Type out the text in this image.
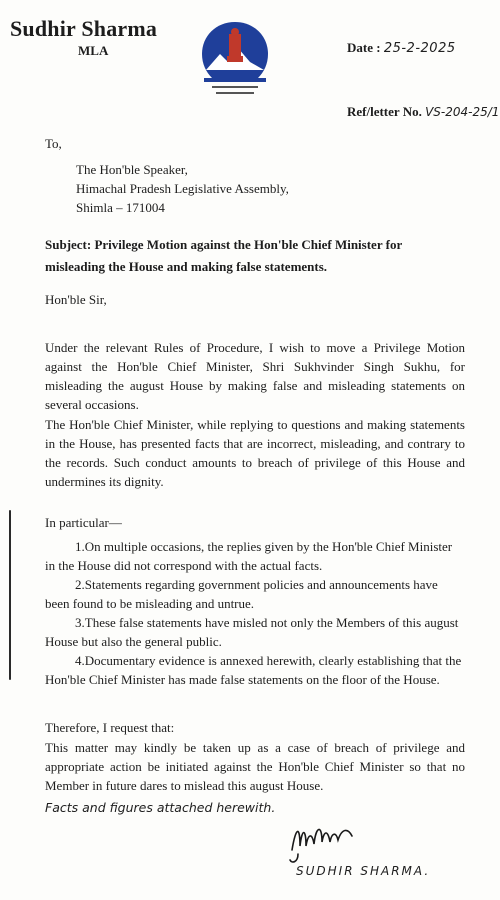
Sudhir Sharma
MLA	Date : 25-2-2025
Ref/letter No. VS-204-25/1
To,
The Hon'ble Speaker,
Himachal Pradesh Legislative Assembly,
Shimla – 171004
Subject: Privilege Motion against the Hon'ble Chief Minister for misleading the House and making false statements.
Hon'ble Sir,
Under the relevant Rules of Procedure, I wish to move a Privilege Motion against the Hon'ble Chief Minister, Shri Sukhvinder Singh Sukhu, for misleading the august House by making false and misleading statements on several occasions.
The Hon'ble Chief Minister, while replying to questions and making statements in the House, has presented facts that are incorrect, misleading, and contrary to the records. Such conduct amounts to breach of privilege of this House and undermines its dignity.
In particular—

1.On multiple occasions, the replies given by the Hon'ble Chief Minister in the House did not correspond with the actual facts.

2.Statements regarding government policies and announcements have been found to be misleading and untrue.

3.These false statements have misled not only the Members of this august House but also the general public.

4.Documentary evidence is annexed herewith, clearly establishing that the Hon'ble Chief Minister has made false statements on the floor of the House.

Therefore, I request that:
This matter may kindly be taken up as a case of breach of privilege and appropriate action be initiated against the Hon'ble Chief Minister so that no Member in future dares to mislead this august House.
Facts and figures attached herewith.
SUDHIR SHARMA.
